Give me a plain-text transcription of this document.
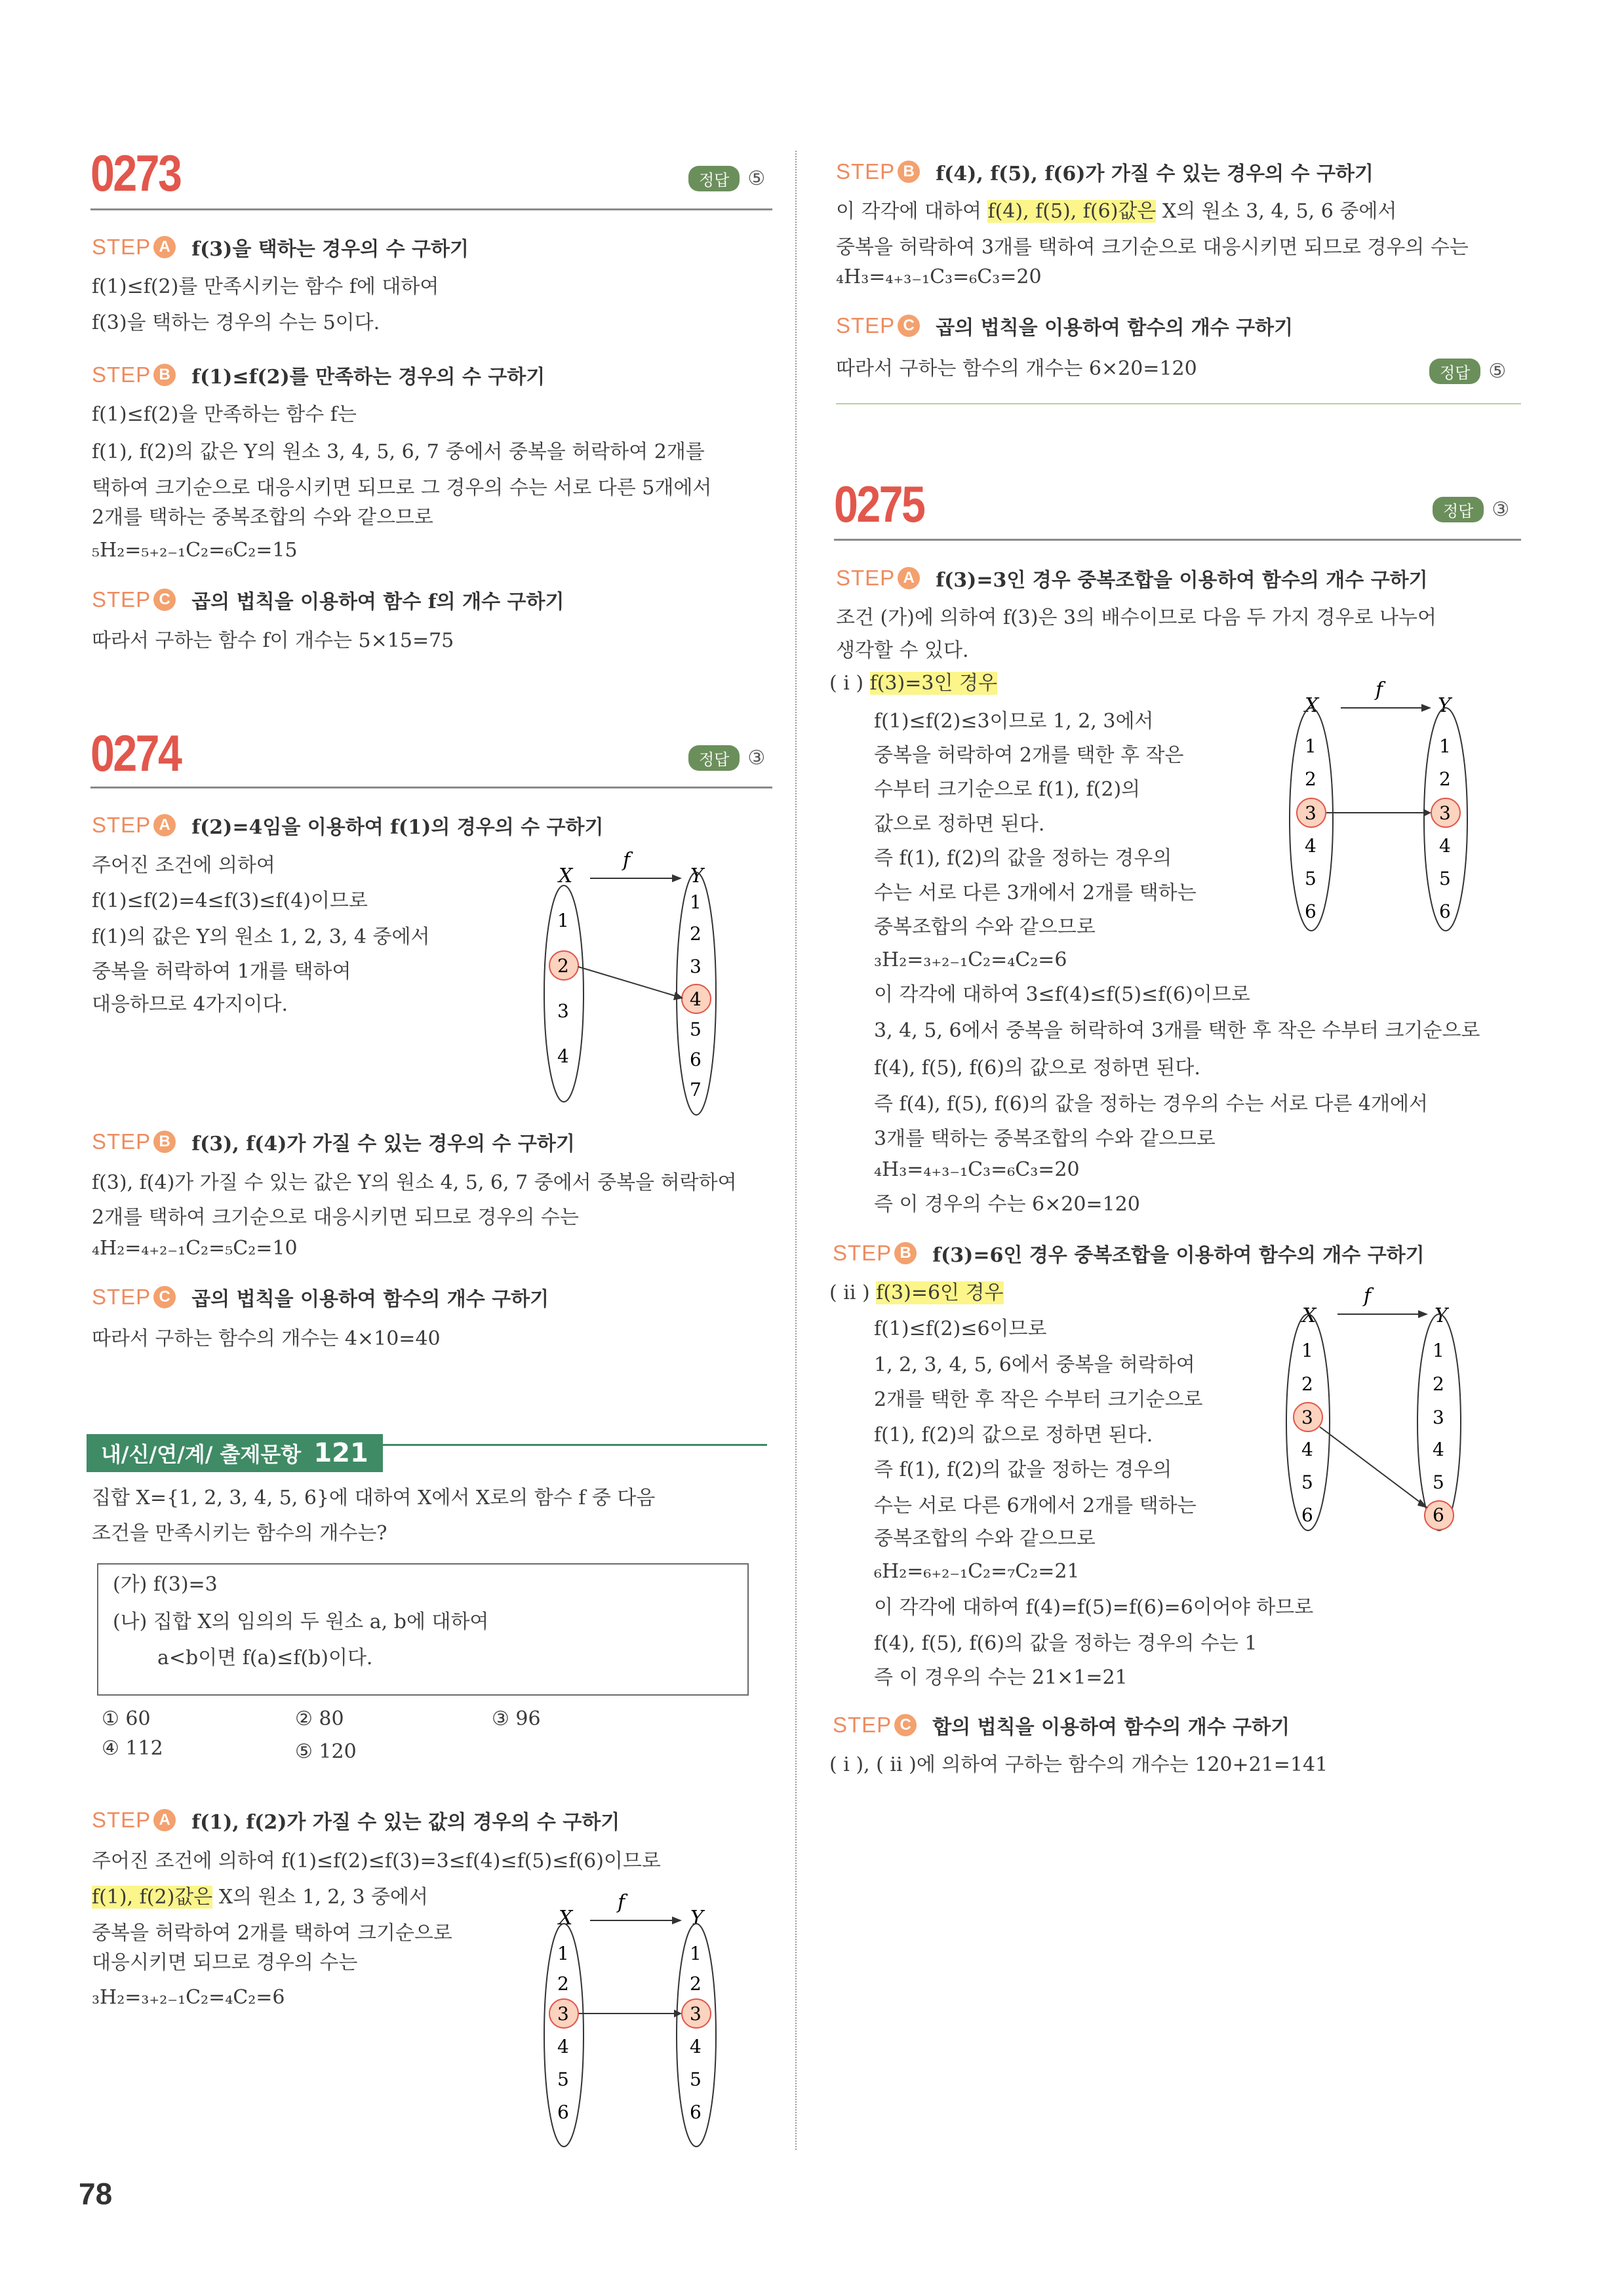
0273	정답 ⑤
STEP A f(3)을 택하는 경우의 수 구하기
f(1)≤f(2)를 만족시키는 함수 f에 대하여
f(3)을 택하는 경우의 수는 5이다.
STEP B f(1)≤f(2)를 만족하는 경우의 수 구하기
f(1)≤f(2)을 만족하는 함수 f는
f(1), f(2)의 값은 Y의 원소 3, 4, 5, 6, 7 중에서 중복을 허락하여 2개를
택하여 크기순으로 대응시키면 되므로 그 경우의 수는 서로 다른 5개에서
2개를 택하는 중복조합의 수와 같으므로
₅H₂=₅₊₂₋₁C₂=₆C₂=15
STEP C 곱의 법칙을 이용하여 함수 f의 개수 구하기
따라서 구하는 함수 f이 개수는 5×15=75
0274	정답 ③
STEP A f(2)=4임을 이용하여 f(1)의 경우의 수 구하기
주어진 조건에 의하여
f(1)≤f(2)=4≤f(3)≤f(4)이므로
f(1)의 값은 Y의 원소 1, 2, 3, 4 중에서
중복을 허락하여 1개를 택하여
대응하므로 4가지이다.
f
X	Y
1
2
3
4
1
2
3
4
5
6
7
STEP B f(3), f(4)가 가질 수 있는 경우의 수 구하기
f(3), f(4)가 가질 수 있는 값은 Y의 원소 4, 5, 6, 7 중에서 중복을 허락하여
2개를 택하여 크기순으로 대응시키면 되므로 경우의 수는
₄H₂=₄₊₂₋₁C₂=₅C₂=10
STEP C 곱의 법칙을 이용하여 함수의 개수 구하기
따라서 구하는 함수의 개수는 4×10=40
내/신/연/계/ 출제문항 121
집합 X={1, 2, 3, 4, 5, 6}에 대하여 X에서 X로의 함수 f 중 다음
조건을 만족시키는 함수의 개수는?
(가) f(3)=3
(나) 집합 X의 임의의 두 원소 a, b에 대하여
a<b이면 f(a)≤f(b)이다.
① 60	② 80	③ 96
④ 112	⑤ 120
STEP A f(1), f(2)가 가질 수 있는 값의 경우의 수 구하기
주어진 조건에 의하여 f(1)≤f(2)≤f(3)=3≤f(4)≤f(5)≤f(6)이므로
f(1), f(2)값은 X의 원소 1, 2, 3 중에서
중복을 허락하여 2개를 택하여 크기순으로
대응시키면 되므로 경우의 수는
₃H₂=₃₊₂₋₁C₂=₄C₂=6
f
X	Y
1
2
3
4
5
6
1
2
3
4
5
6
78
STEP B f(4), f(5), f(6)가 가질 수 있는 경우의 수 구하기
이 각각에 대하여 f(4), f(5), f(6)값은 X의 원소 3, 4, 5, 6 중에서
중복을 허락하여 3개를 택하여 크기순으로 대응시키면 되므로 경우의 수는
₄H₃=₄₊₃₋₁C₃=₆C₃=20
STEP C 곱의 법칙을 이용하여 함수의 개수 구하기
따라서 구하는 함수의 개수는 6×20=120	정답 ⑤
0275	정답 ③
STEP A f(3)=3인 경우 중복조합을 이용하여 함수의 개수 구하기
조건 (가)에 의하여 f(3)은 3의 배수이므로 다음 두 가지 경우로 나누어
생각할 수 있다.
( i ) f(3)=3인 경우
f(1)≤f(2)≤3이므로 1, 2, 3에서
중복을 허락하여 2개를 택한 후 작은
수부터 크기순으로 f(1), f(2)의
값으로 정하면 된다.
즉 f(1), f(2)의 값을 정하는 경우의
수는 서로 다른 3개에서 2개를 택하는
중복조합의 수와 같으므로
₃H₂=₃₊₂₋₁C₂=₄C₂=6
이 각각에 대하여 3≤f(4)≤f(5)≤f(6)이므로
3, 4, 5, 6에서 중복을 허락하여 3개를 택한 후 작은 수부터 크기순으로
f(4), f(5), f(6)의 값으로 정하면 된다.
즉 f(4), f(5), f(6)의 값을 정하는 경우의 수는 서로 다른 4개에서
3개를 택하는 중복조합의 수와 같으므로
₄H₃=₄₊₃₋₁C₃=₆C₃=20
즉 이 경우의 수는 6×20=120
f
X	Y
1
2
3
4
5
6
1
2
3
4
5
6
STEP B f(3)=6인 경우 중복조합을 이용하여 함수의 개수 구하기
( ii ) f(3)=6인 경우
f(1)≤f(2)≤6이므로
1, 2, 3, 4, 5, 6에서 중복을 허락하여
2개를 택한 후 작은 수부터 크기순으로
f(1), f(2)의 값으로 정하면 된다.
즉 f(1), f(2)의 값을 정하는 경우의
수는 서로 다른 6개에서 2개를 택하는
중복조합의 수와 같으므로
₆H₂=₆₊₂₋₁C₂=₇C₂=21
이 각각에 대하여 f(4)=f(5)=f(6)=6이어야 하므로
f(4), f(5), f(6)의 값을 정하는 경우의 수는 1
즉 이 경우의 수는 21×1=21
f
X	Y
1
2
3
4
5
6
1
2
3
4
5
6
STEP C 합의 법칙을 이용하여 함수의 개수 구하기
( i ), ( ii )에 의하여 구하는 함수의 개수는 120+21=141
